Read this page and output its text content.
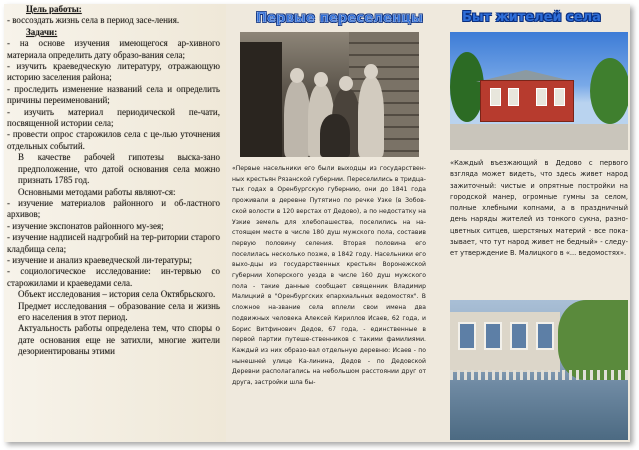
Цель работы:

- воссоздать жизнь села в период засе-ления.

Задачи:

- на основе изучения имеющегося ар-хивного материала определить дату образо-вания села;

- изучить краеведческую литературу, отражающую историю заселения района;

- проследить изменение названий села и определить причины переименований;

- изучить материал периодической пе-чати, посвященной истории села;

- провести опрос старожилов села с це-лью уточнения отдельных событий.

В качестве рабочей гипотезы выска-зано предположение, что датой основания села можно признать 1785 год.

Основными методами работы являют-ся:

- изучение материалов районного и об-ластного архивов;

- изучение экспонатов районного му-зея;

- изучение надписей надгробий на тер-ритории старого кладбища села;

- изучение и анализ краеведческой ли-тературы;

- социологическое исследование: ин-тервью со старожилами и краеведами села.

Объект исследования – история села Октябрьского.

Предмет исследования – образование села и жизнь его населения в этот период.

Актуальность работы определена тем, что споры о дате основания еще не затихли, многие жители дезориентированы этими

Первые переселенцы

«Первые насельники его были выходцы из государствен-ных крестьян Рязанской губернии. Переселились в тридца-тых годах в Оренбургскую губернию, они до 1841 года проживали в деревне Путятино по речке Узке (в Зобов-ской волости в 120 верстах от Дедово), а по недостатку на Узкие земель для хлебопашества, поселились на на-стоящем месте в числе 180 душ мужского пола, составив первую половину селения. Вторая половина его поселилась несколько позже, в 1842 году. Насельники его выхо-дцы из государственных крестьян Воронежской губернии Хоперского уезда в числе 160 душ мужского пола - такие данные сообщает священник Владимир Малицкий в "Оренбургских епархиальных ведомостях". В сложное на-звание села вплели свои имена два подвижных человека Алексей Кириллов Исаев, 62 года, и Борис Витфинович Дедов, 67 года, - единственные в первой партии путеше-ственников с такими фамилиями. Каждый из них образо-вал отдельную деревню: Исаев - по нынешней улице Ка-линина, Дедов - по Дедовской Деревни располагались на небольшом расстоянии друг от друга, застройки шла бы-

Быт жителей села

«Каждый въезжающий в Дедово с первого взгляда может видеть, что здесь живет народ зажиточный: чистые и опрятные постройки на городской манер, огромные гумны за селом, полные хлебными копнами, а в праздничный день наряды жителей из тонкого сукна, разно-цветных ситцев, шерстяных материй - все пока-зывает, что тут народ живет не бедный» - следу-ет утверждение В. Малицкого в «... ведомостях».
